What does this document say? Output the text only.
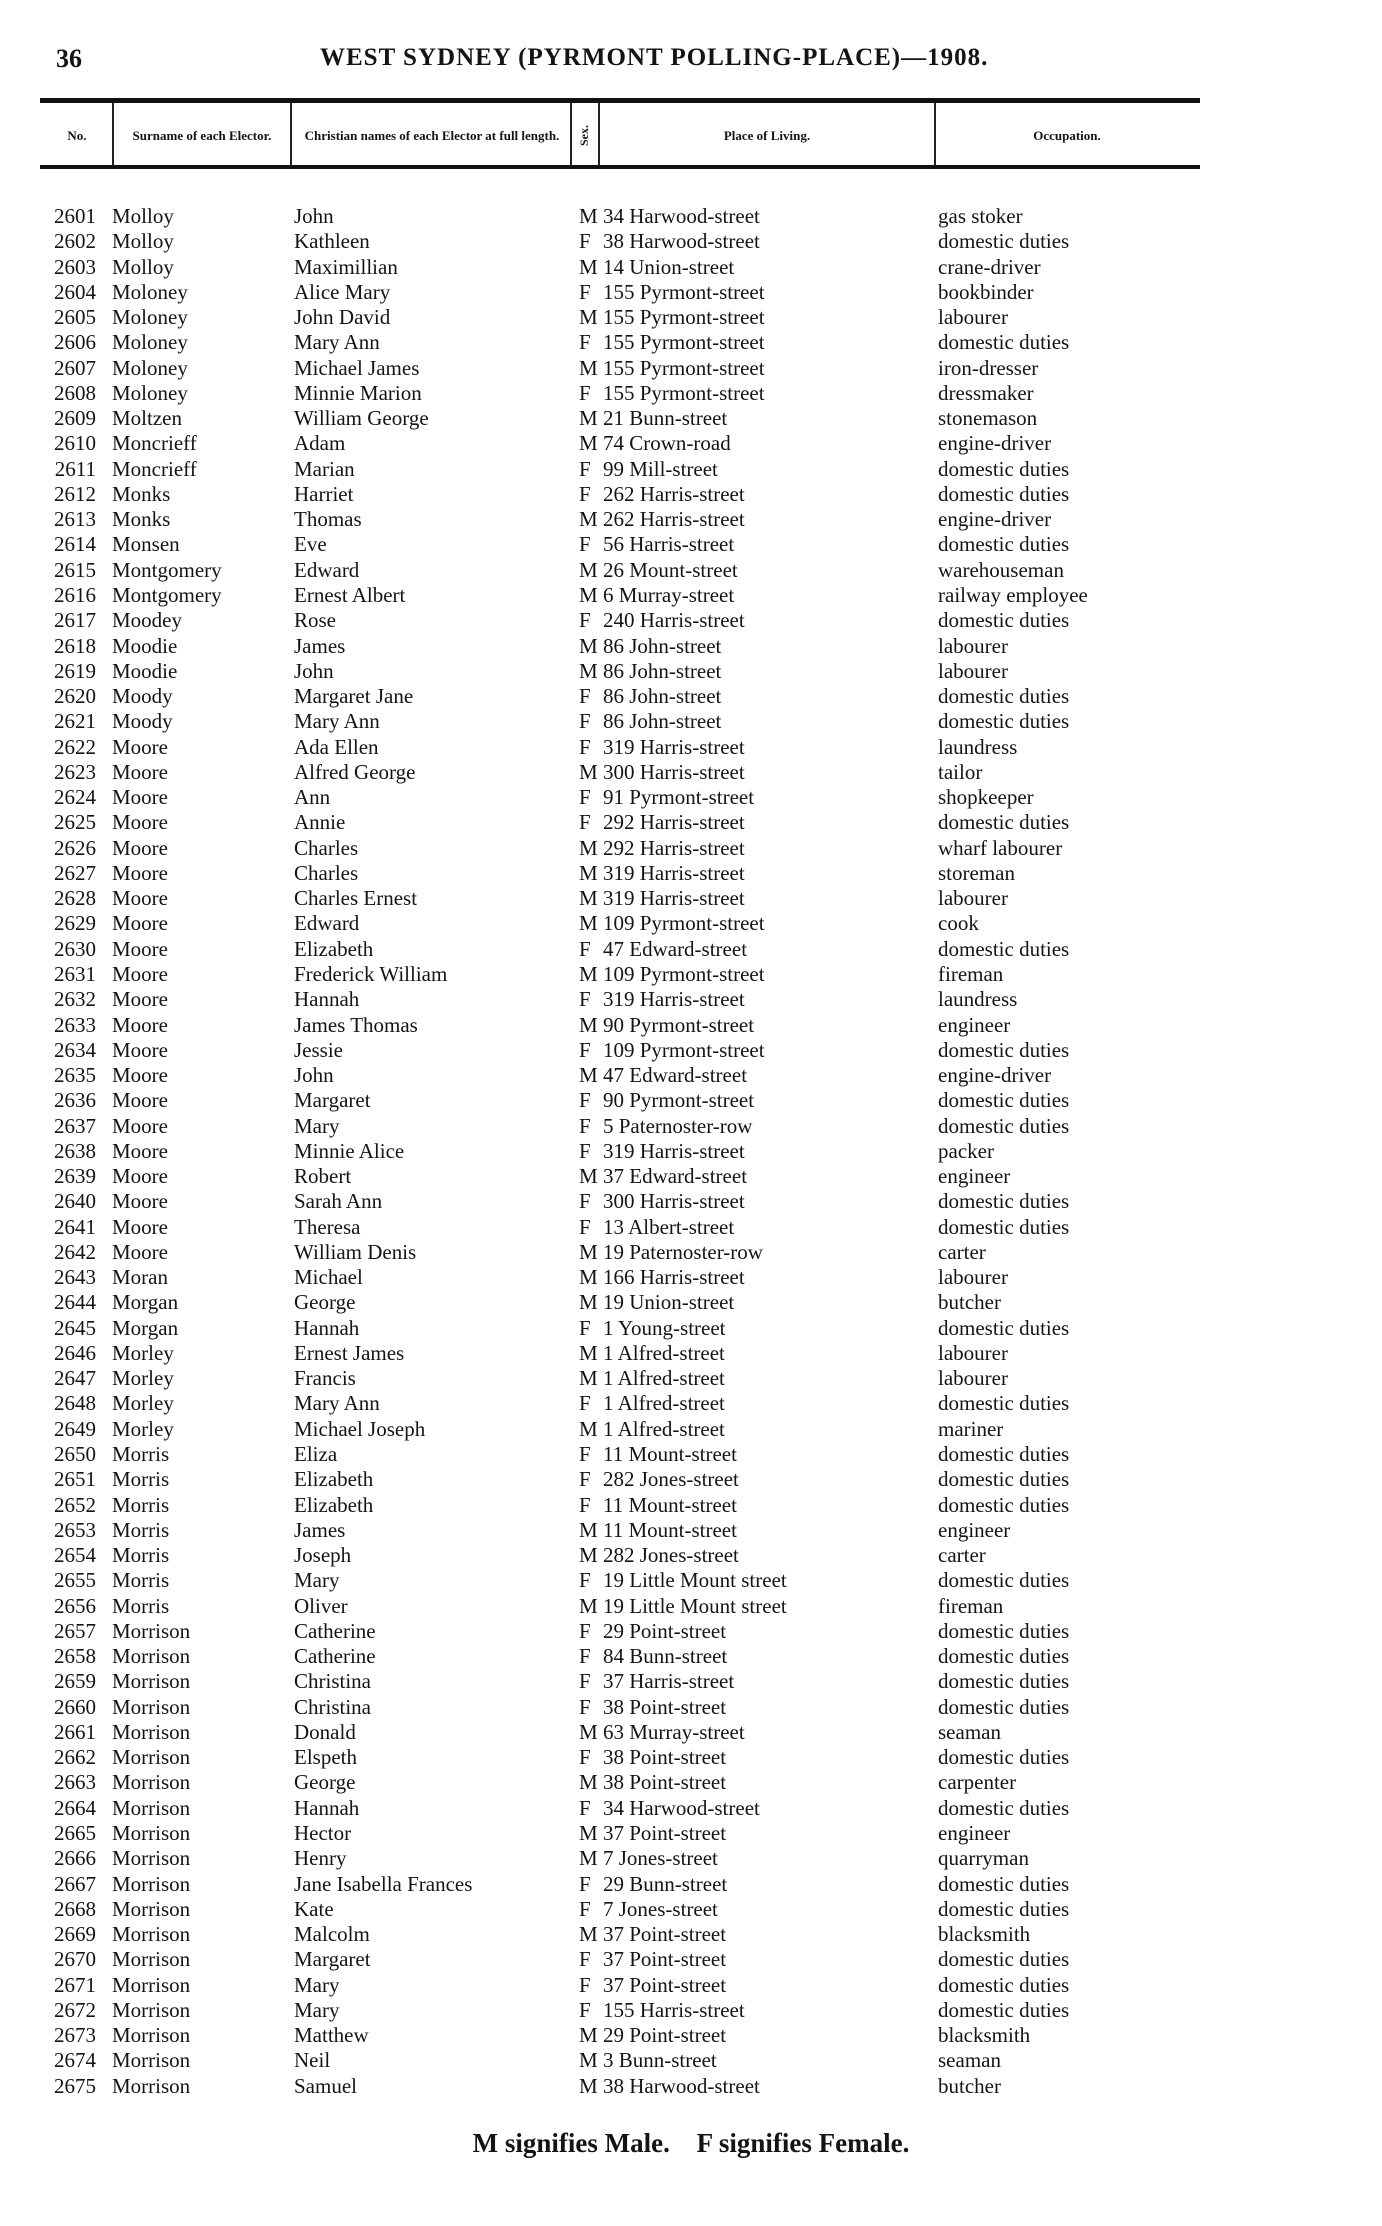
36	WEST SYDNEY (PYRMONT POLLING-PLACE)—1908.
No.	Surname of each Elector.	Christian names of each Elector at full length.	Sex.	Place of Living.	Occupation.
2601 Molloy	John	M 34 Harwood-street	gas stoker
2602 Molloy	Kathleen	F 38 Harwood-street	domestic duties
2603 Molloy	Maximillian	M 14 Union-street	crane-driver
2604 Moloney	Alice Mary	F 155 Pyrmont-street	bookbinder
2605 Moloney	John David	M 155 Pyrmont-street	labourer
2606 Moloney	Mary Ann	F 155 Pyrmont-street	domestic duties
2607 Moloney	Michael James	M 155 Pyrmont-street	iron-dresser
2608 Moloney	Minnie Marion	F 155 Pyrmont-street	dressmaker
2609 Moltzen	William George	M 21 Bunn-street	stonemason
2610 Moncrieff	Adam	M 74 Crown-road	engine-driver
2611 Moncrieff	Marian	F 99 Mill-street	domestic duties
2612 Monks	Harriet	F 262 Harris-street	domestic duties
2613 Monks	Thomas	M 262 Harris-street	engine-driver
2614 Monsen	Eve	F 56 Harris-street	domestic duties
2615 Montgomery	Edward	M 26 Mount-street	warehouseman
2616 Montgomery	Ernest Albert	M 6 Murray-street	railway employee
2617 Moodey	Rose	F 240 Harris-street	domestic duties
2618 Moodie	James	M 86 John-street	labourer
2619 Moodie	John	M 86 John-street	labourer
2620 Moody	Margaret Jane	F 86 John-street	domestic duties
2621 Moody	Mary Ann	F 86 John-street	domestic duties
2622 Moore	Ada Ellen	F 319 Harris-street	laundress
2623 Moore	Alfred George	M 300 Harris-street	tailor
2624 Moore	Ann	F 91 Pyrmont-street	shopkeeper
2625 Moore	Annie	F 292 Harris-street	domestic duties
2626 Moore	Charles	M 292 Harris-street	wharf labourer
2627 Moore	Charles	M 319 Harris-street	storeman
2628 Moore	Charles Ernest	M 319 Harris-street	labourer
2629 Moore	Edward	M 109 Pyrmont-street	cook
2630 Moore	Elizabeth	F 47 Edward-street	domestic duties
2631 Moore	Frederick William	M 109 Pyrmont-street	fireman
2632 Moore	Hannah	F 319 Harris-street	laundress
2633 Moore	James Thomas	M 90 Pyrmont-street	engineer
2634 Moore	Jessie	F 109 Pyrmont-street	domestic duties
2635 Moore	John	M 47 Edward-street	engine-driver
2636 Moore	Margaret	F 90 Pyrmont-street	domestic duties
2637 Moore	Mary	F 5 Paternoster-row	domestic duties
2638 Moore	Minnie Alice	F 319 Harris-street	packer
2639 Moore	Robert	M 37 Edward-street	engineer
2640 Moore	Sarah Ann	F 300 Harris-street	domestic duties
2641 Moore	Theresa	F 13 Albert-street	domestic duties
2642 Moore	William Denis	M 19 Paternoster-row	carter
2643 Moran	Michael	M 166 Harris-street	labourer
2644 Morgan	George	M 19 Union-street	butcher
2645 Morgan	Hannah	F 1 Young-street	domestic duties
2646 Morley	Ernest James	M 1 Alfred-street	labourer
2647 Morley	Francis	M 1 Alfred-street	labourer
2648 Morley	Mary Ann	F 1 Alfred-street	domestic duties
2649 Morley	Michael Joseph	M 1 Alfred-street	mariner
2650 Morris	Eliza	F 11 Mount-street	domestic duties
2651 Morris	Elizabeth	F 282 Jones-street	domestic duties
2652 Morris	Elizabeth	F 11 Mount-street	domestic duties
2653 Morris	James	M 11 Mount-street	engineer
2654 Morris	Joseph	M 282 Jones-street	carter
2655 Morris	Mary	F 19 Little Mount street	domestic duties
2656 Morris	Oliver	M 19 Little Mount street	fireman
2657 Morrison	Catherine	F 29 Point-street	domestic duties
2658 Morrison	Catherine	F 84 Bunn-street	domestic duties
2659 Morrison	Christina	F 37 Harris-street	domestic duties
2660 Morrison	Christina	F 38 Point-street	domestic duties
2661 Morrison	Donald	M 63 Murray-street	seaman
2662 Morrison	Elspeth	F 38 Point-street	domestic duties
2663 Morrison	George	M 38 Point-street	carpenter
2664 Morrison	Hannah	F 34 Harwood-street	domestic duties
2665 Morrison	Hector	M 37 Point-street	engineer
2666 Morrison	Henry	M 7 Jones-street	quarryman
2667 Morrison	Jane Isabella Frances	F 29 Bunn-street	domestic duties
2668 Morrison	Kate	F 7 Jones-street	domestic duties
2669 Morrison	Malcolm	M 37 Point-street	blacksmith
2670 Morrison	Margaret	F 37 Point-street	domestic duties
2671 Morrison	Mary	F 37 Point-street	domestic duties
2672 Morrison	Mary	F 155 Harris-street	domestic duties
2673 Morrison	Matthew	M 29 Point-street	blacksmith
2674 Morrison	Neil	M 3 Bunn-street	seaman
2675 Morrison	Samuel	M 38 Harwood-street	butcher
M signifies Male. F signifies Female.
